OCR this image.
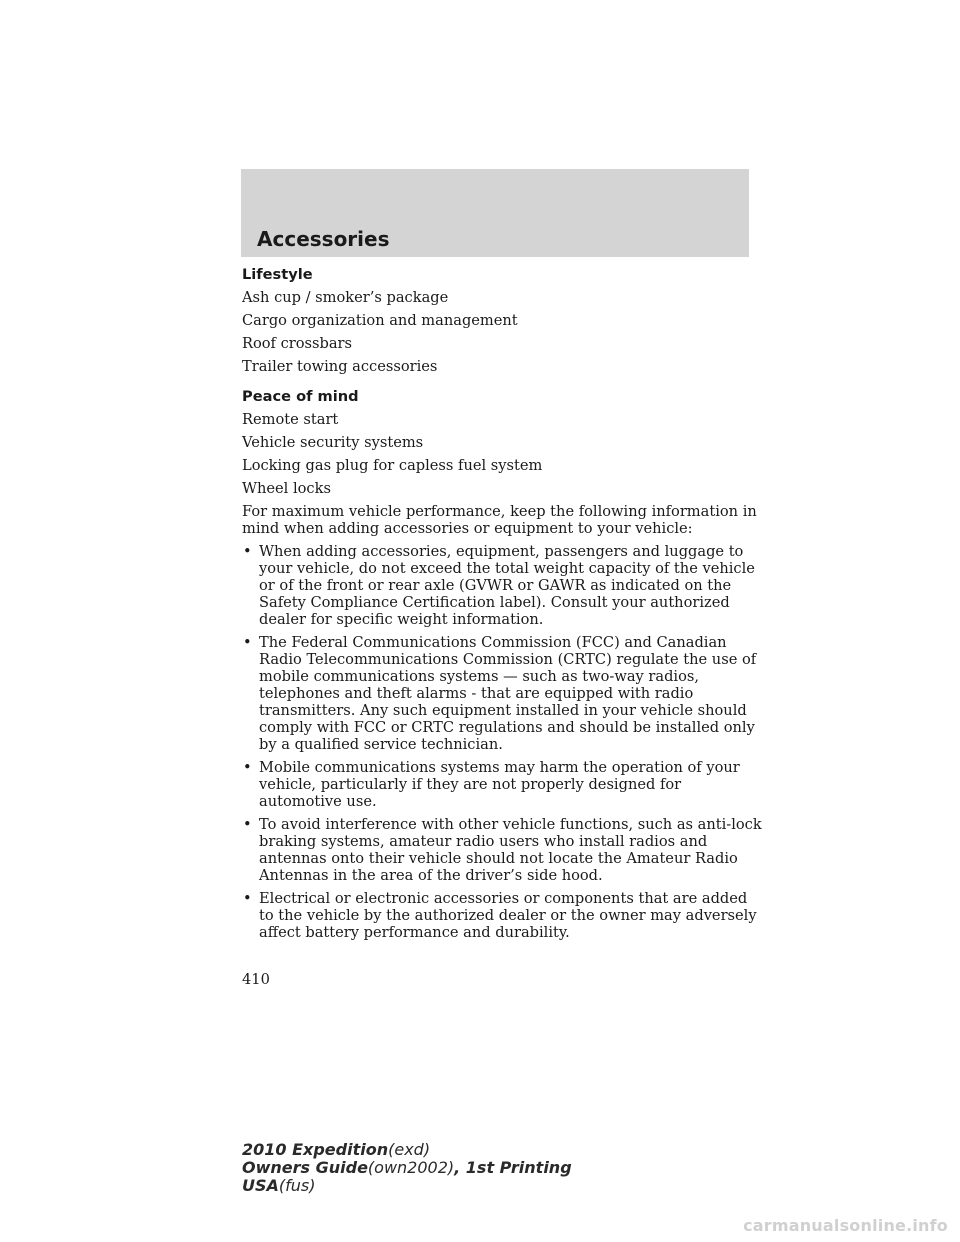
Accessories
Lifestyle
Ash cup / smoker’s package
Cargo organization and management
Roof crossbars
Trailer towing accessories
Peace of mind
Remote start
Vehicle security systems
Locking gas plug for capless fuel system
Wheel locks
For maximum vehicle performance, keep the following information in mind when adding accessories or equipment to your vehicle:
• When adding accessories, equipment, passengers and luggage to your vehicle, do not exceed the total weight capacity of the vehicle or of the front or rear axle (GVWR or GAWR as indicated on the Safety Compliance Certification label). Consult your authorized dealer for specific weight information.
• The Federal Communications Commission (FCC) and Canadian Radio Telecommunications Commission (CRTC) regulate the use of mobile communications systems — such as two-way radios, telephones and theft alarms - that are equipped with radio transmitters. Any such equipment installed in your vehicle should comply with FCC or CRTC regulations and should be installed only by a qualified service technician.
• Mobile communications systems may harm the operation of your vehicle, particularly if they are not properly designed for automotive use.
• To avoid interference with other vehicle functions, such as anti-lock braking systems, amateur radio users who install radios and antennas onto their vehicle should not locate the Amateur Radio Antennas in the area of the driver’s side hood.
• Electrical or electronic accessories or components that are added to the vehicle by the authorized dealer or the owner may adversely affect battery performance and durability.
410
2010 Expedition(exd)
Owners Guide(own2002), 1st Printing
USA(fus)
carmanualsonline.info
